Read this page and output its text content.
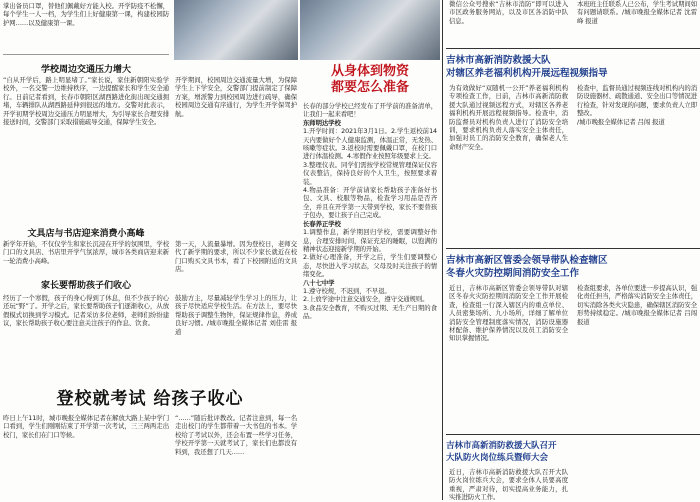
掌出备员口罩，替他们佩戴好方能入校。开学防疫不松懈，每个学生一人一档，为学生们上好健康第一课，构建校园防护网……以及健康第一课。

学校周边交通压力增大

“自从开学后，路上明显堵了。”家长说，家住新朝阳实验学校外，一名交警一边维持秩序，一边提醒家长和学生安全通行。日前记者看到，长春市朝阳区湖西路进化街出现交通拥堵，车辆排队从湖西路延伸到很远的地方。交警对此表示，开学初期学校周边交通压力明显增大，为引导家长合理安排接送时间，交警部门采取措施疏导交通，保障学生安全。

文具店与书店迎来消费小高峰

新学年开始，不仅仅学生和家长沉浸在开学的氛围里，学校门口的文具店、书店里开学气氛浓厚，城市各类商店迎来新一轮消费小高峰。

家长要帮助孩子们收心

经历了一个寒假，孩子的身心得到了休息，但不少孩子的心还玩“野”了。开学之后，家长要帮助孩子们逐渐收心，从放假模式切换到学习模式。记者采访多位老师，老师们纷纷建议，家长帮助孩子收心要注意关注孩子的作息、饮食。

登校就考试 给孩子收心

昨日上午11时，城市晚报全媒体记者在解放大路上某中学门口看到，学生们刚刚结束了开学第一次考试，三三两两走出校门，家长们在门口等候。

开学期间，校园周边交通流量大增，为保障学生上下学安全，交警部门提前制定了保障方案，增派警力到校园周边进行疏导，确保校园周边交通有序通行，为学生开学保驾护航。

第一天，人流量暴增。因为登校日，老师交代了新学期的要求，所以不少家长就近在校门口购买文具书本，看了下校园附近的文具店。

鼓励方主，尽量减轻学生学习上的压力，让孩子尽快适应学校生活。在方法上，要尽快帮助孩子调整生物钟，保证规律作息，养成良好习惯。/城市晚报全媒体记者 刘佳雷 报道

“……”随后批评教改。记者注意到，每一名走出校门的学生都带着一大书包的书本。学校给了考试以外，还会布置一些学习任务，学校开学第一天就考试了，家长们也都没有料到，我还想了几天……

从身体到物资
都要怎么准备

长春的部分学校已经发布了开学前的准备清单，让我们一起来看吧！

东师明达学校

1.开学时间：2021年3月1日。2.学生返校前14天内要做好个人健康监测，体温正常，无发热、咳嗽等症状。3.返校时需要佩戴口罩，在校门口进行体温检测。4.寒假作业按照年级要求上交。

3.整理仪表。同学们需按学校常规管理保证仪容仪表整洁，保持良好的个人卫生，按照要求着装。

4.物品准备：开学前请家长帮助孩子准备好书包、文具、校服等物品，检查学习用品是否齐全，并且在开学第一天带到学校，家长不要替孩子包办，要让孩子自己完成。

长春养正学校

1.调整作息，新学期回归学校，需要调整好作息，合理安排时间，保证充足的睡眠，以饱满的精神状态迎接新学期的开始。

2.做好心理准备，开学之后，学生们要调整心态，尽快进入学习状态，父母及时关注孩子的情绪变化。

八十七中学

1.遵守校规，不迟到，不早退。

2.上放学途中注意交通安全，遵守交通规则。

3.食品安全教育，不购买过期、无生产日期的食品。

微信公众号搜索“吉林市消防”即可以进入市区政务服务网站，以及市区各消防中队信息。

本班班主任联系人已公布，学生考试期间如有问题请联系。/城市晚报全媒体记者 沈雷峰 报道

吉林市高新消防救援大队
对辖区养老福利机构开展远程视频指导

为有效做好“双随机一公开”养老福利机构专项检查工作，日前，吉林市高新消防救援大队通过视频远程方式，对辖区各养老福利机构开展远程视频指导。检查中，消防监督员对机构负责人进行了消防安全培训，要求机构负责人落实安全主体责任，加强对员工的消防安全教育，确保老人生命财产安全。

检查中，监督员通过视频连线对机构内的消防设施器材、疏散通道、安全出口等情况进行检查，针对发现的问题，要求负责人立即整改。

/城市晚报全媒体记者 吕闯 报道

吉林市高新区管委会领导带队检查辖区
冬春火灾防控期间消防安全工作

近日，吉林市高新区管委会领导带队对辖区冬春火灾防控期间消防安全工作开展检查，检查组一行深入辖区内的重点单位、人员密集场所、九小场所，详细了解单位消防安全管理制度落实情况，消防设施器材配备、维护保养情况以及员工消防安全知识掌握情况。

检查组要求，各单位要进一步提高认识，强化责任担当，严格落实消防安全主体责任，切实消除各类火灾隐患，确保辖区消防安全形势持续稳定。/城市晚报全媒体记者 吕闯 报道

吉林市高新消防救援大队召开
大队防火岗位练兵暨师大会

近日，吉林市高新消防救援大队召开大队防火岗位练兵大会，要求全体人员要高度重视，严肃对待，切实提高业务能力，扎实推进防火工作。
